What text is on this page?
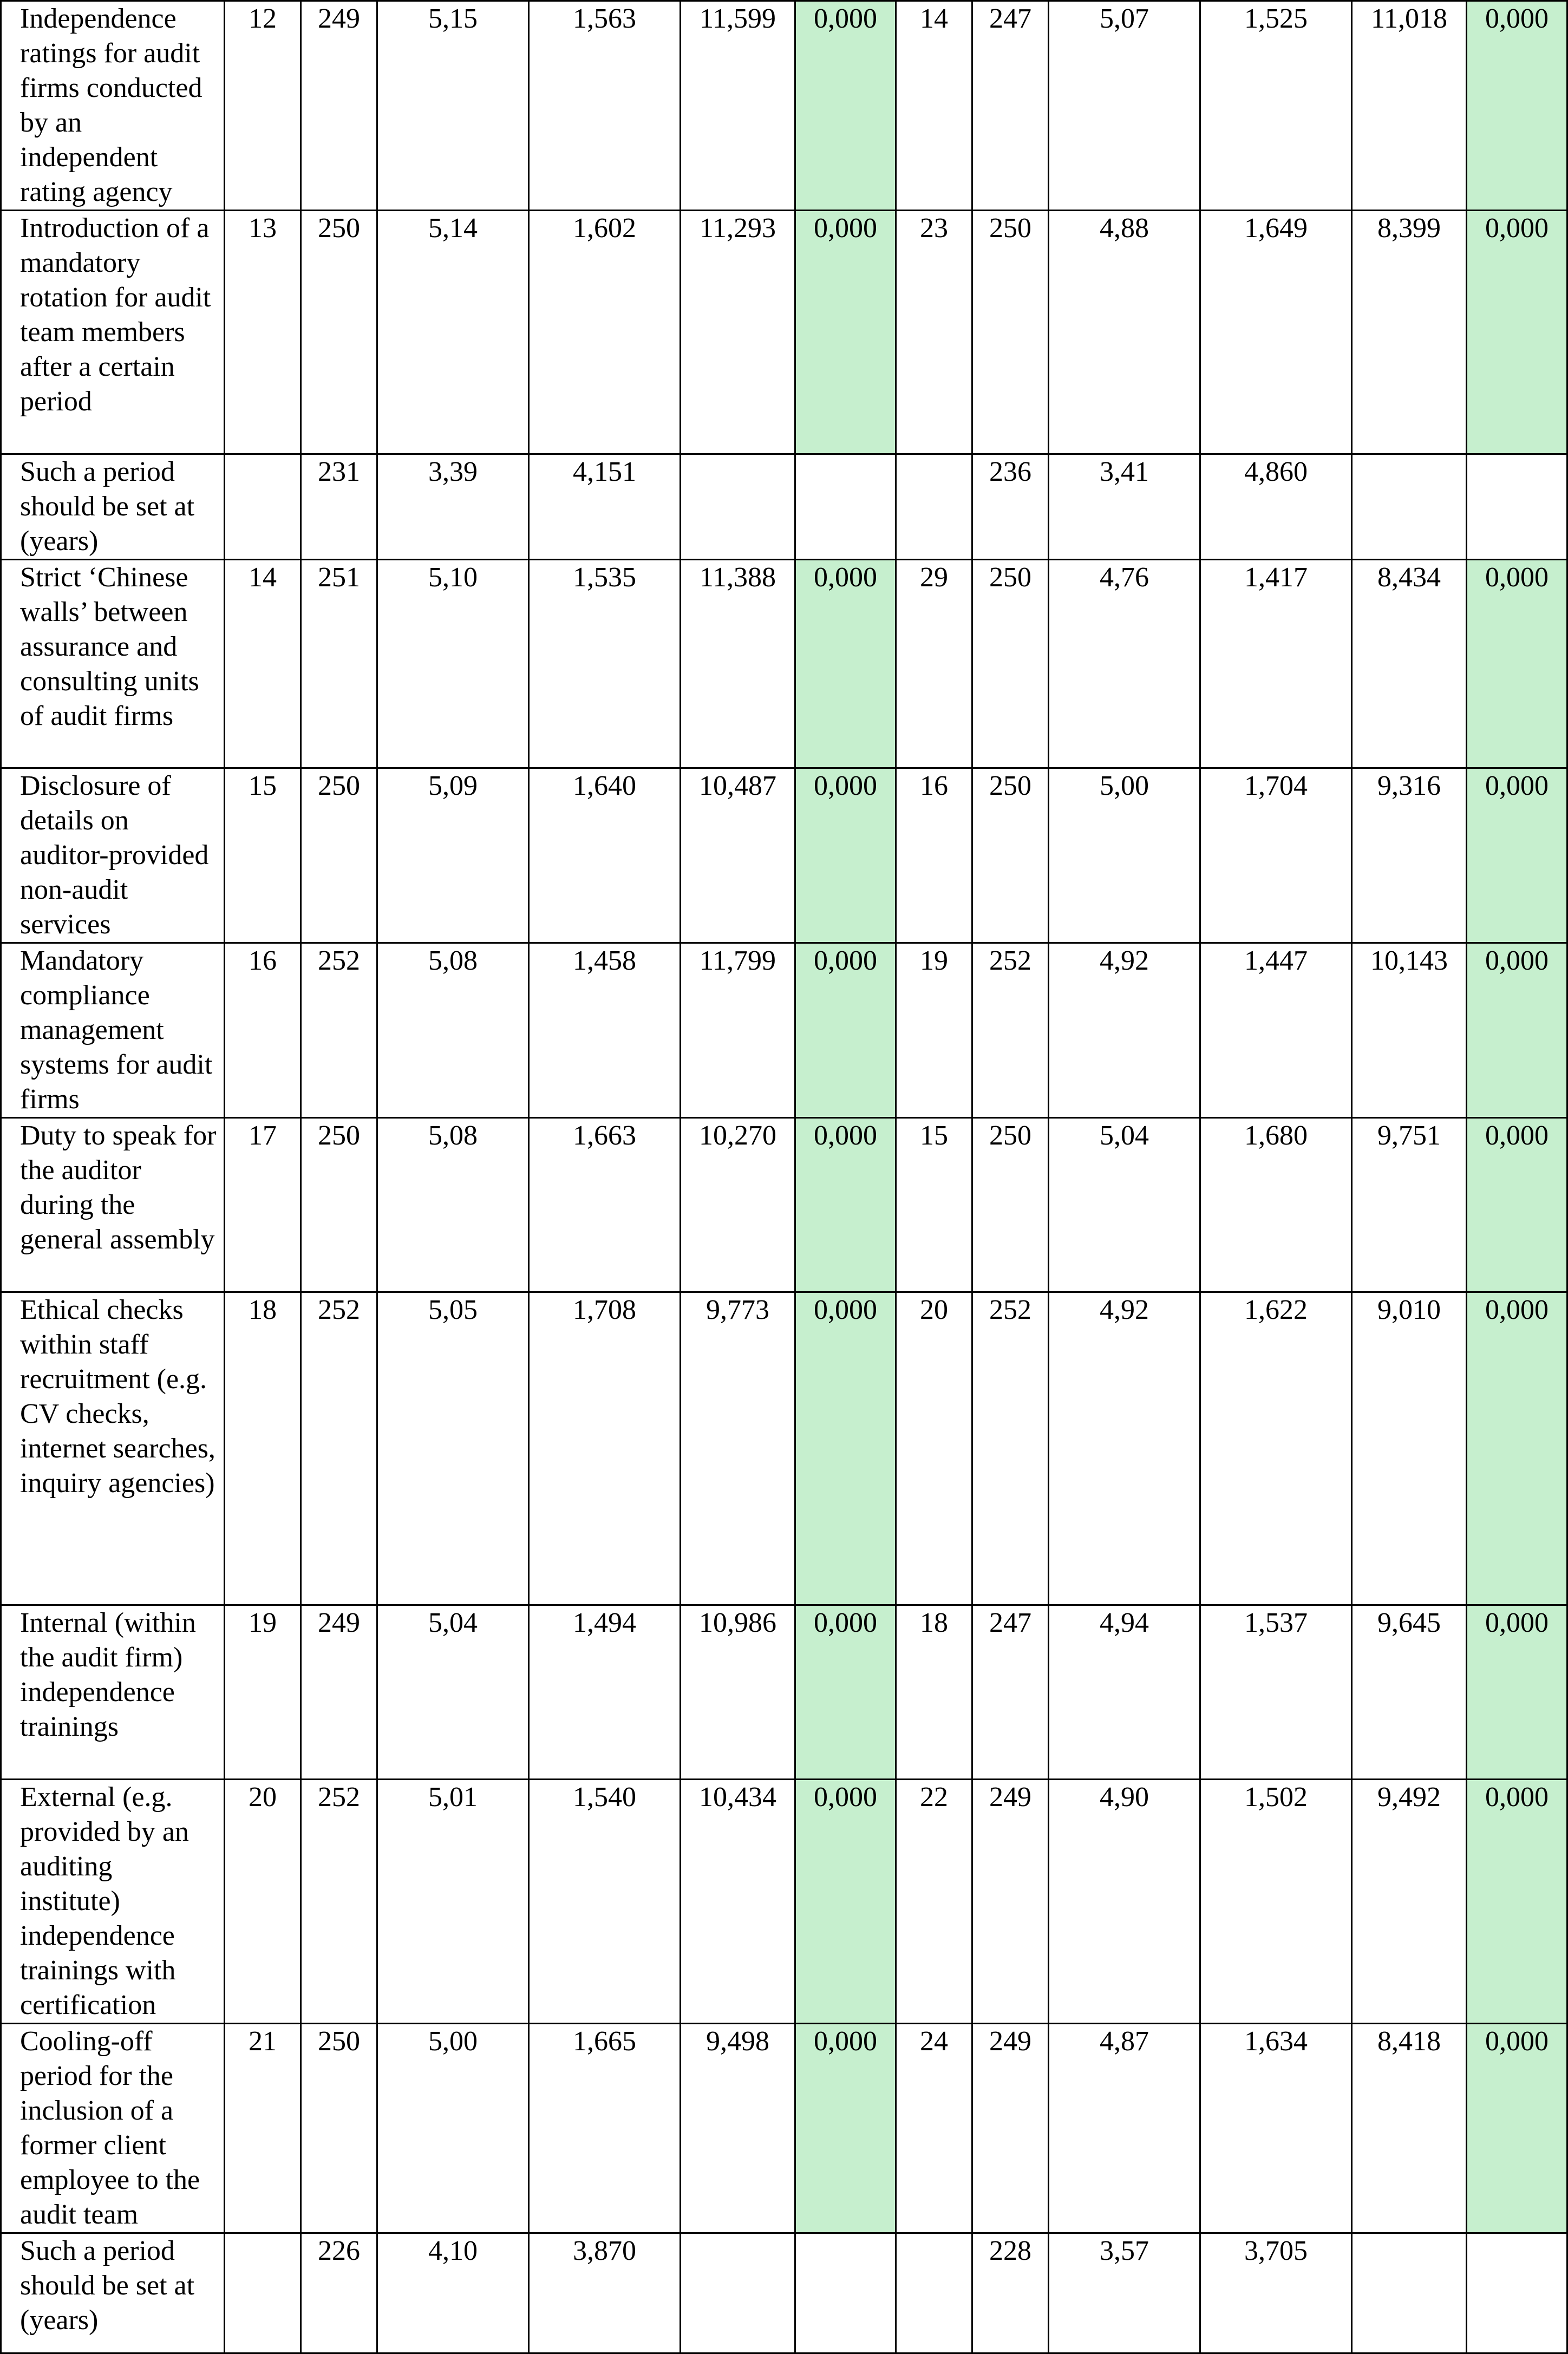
Independence ratings for audit firms conducted by an independent rating agency	12	249	5,15	1,563	11,599	0,000	14	247	5,07	1,525	11,018	0,000
Introduction of a mandatory rotation for audit team members after a certain period	13	250	5,14	1,602	11,293	0,000	23	250	4,88	1,649	8,399	0,000
Such a period should be set at (years)		231	3,39	4,151				236	3,41	4,860		
Strict ‘Chinese walls’ between assurance and consulting units of audit firms	14	251	5,10	1,535	11,388	0,000	29	250	4,76	1,417	8,434	0,000
Disclosure of details on auditor-provided non-audit services	15	250	5,09	1,640	10,487	0,000	16	250	5,00	1,704	9,316	0,000
Mandatory compliance management systems for audit firms	16	252	5,08	1,458	11,799	0,000	19	252	4,92	1,447	10,143	0,000
Duty to speak for the auditor during the general assembly	17	250	5,08	1,663	10,270	0,000	15	250	5,04	1,680	9,751	0,000
Ethical checks within staff recruitment (e.g. CV checks, internet searches, inquiry agencies)	18	252	5,05	1,708	9,773	0,000	20	252	4,92	1,622	9,010	0,000
Internal (within the audit firm) independence trainings	19	249	5,04	1,494	10,986	0,000	18	247	4,94	1,537	9,645	0,000
External (e.g. provided by an auditing institute) independence trainings with certification	20	252	5,01	1,540	10,434	0,000	22	249	4,90	1,502	9,492	0,000
Cooling-off period for the inclusion of a former client employee to the audit team	21	250	5,00	1,665	9,498	0,000	24	249	4,87	1,634	8,418	0,000
Such a period should be set at (years)		226	4,10	3,870				228	3,57	3,705		
